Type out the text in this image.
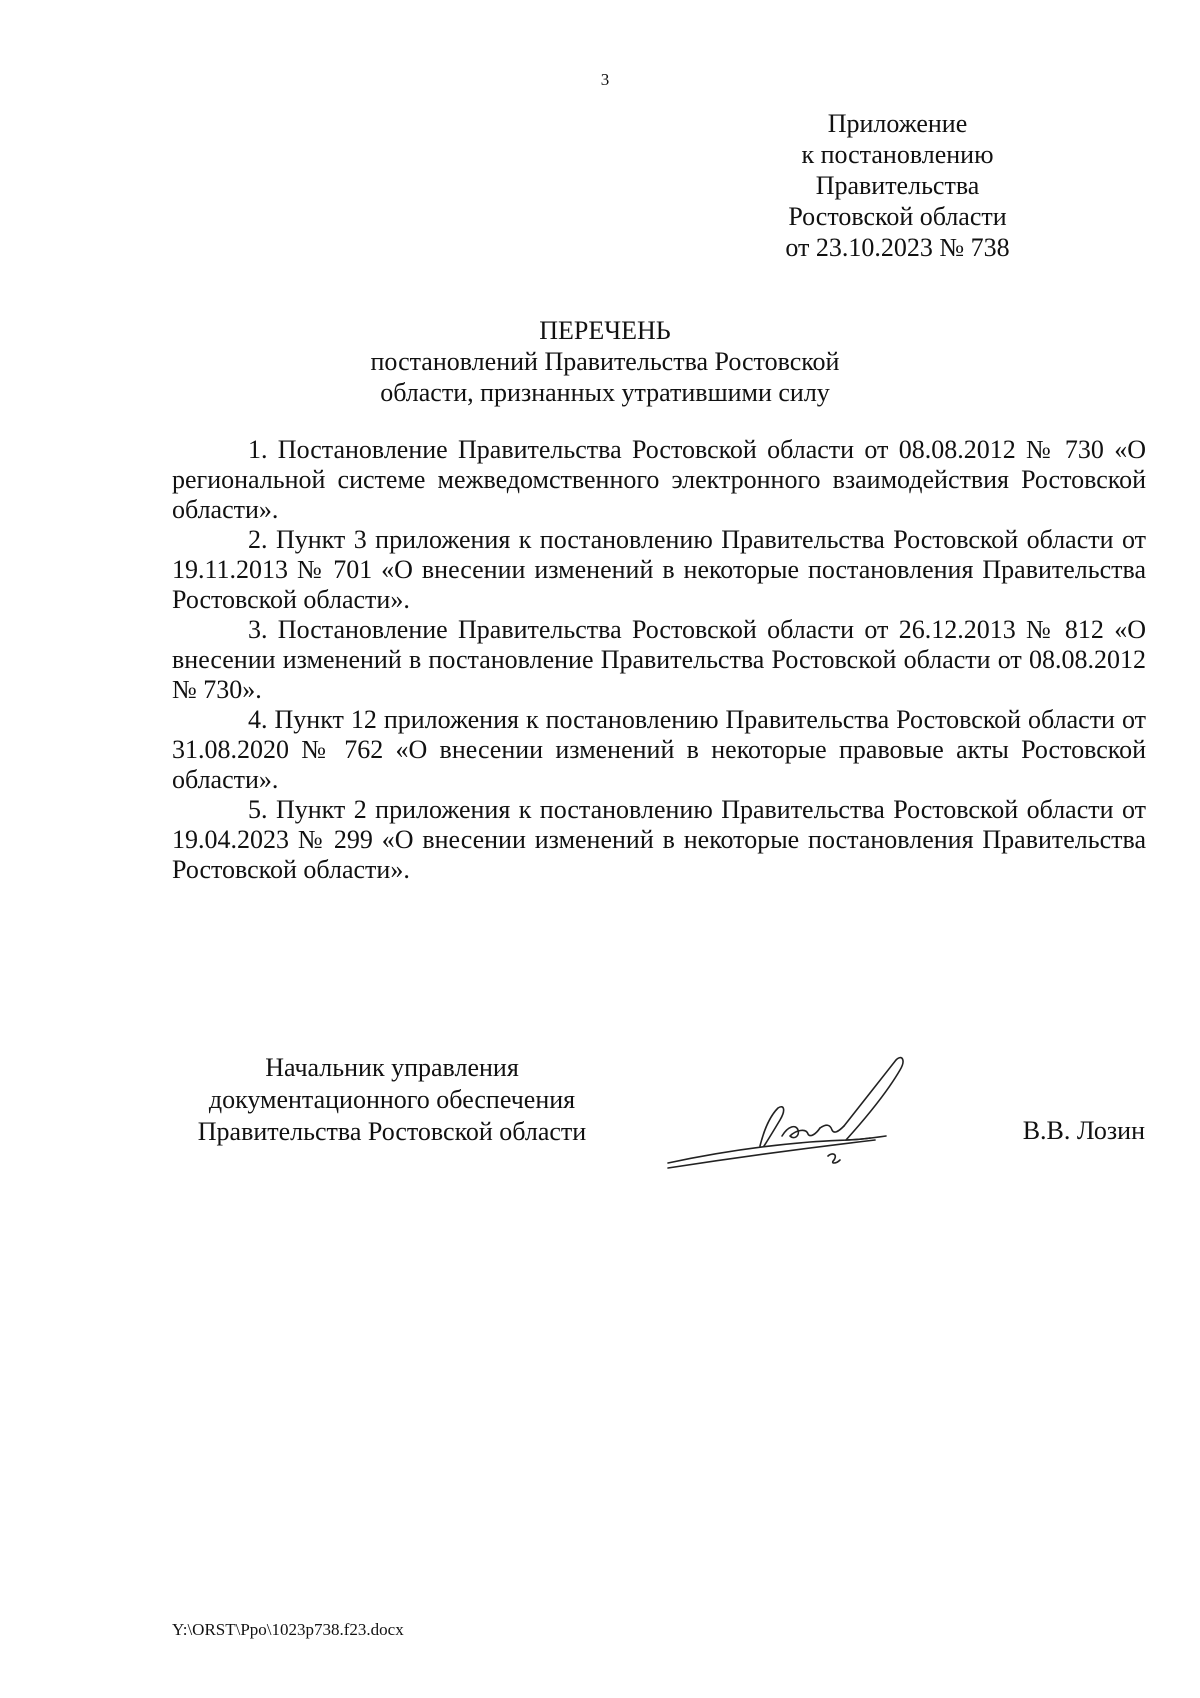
3
Приложение
к постановлению
Правительства
Ростовской области
от 23.10.2023 № 738
ПЕРЕЧЕНЬ
постановлений Правительства Ростовской
области, признанных утратившими силу

1. Постановление Правительства Ростовской области от 08.08.2012 № 730 «О региональной системе межведомственного электронного взаимодействия Ростовской области».

2. Пункт 3 приложения к постановлению Правительства Ростовской области от 19.11.2013 № 701 «О внесении изменений в некоторые постановления Правительства Ростовской области».

3. Постановление Правительства Ростовской области от 26.12.2013 № 812 «О внесении изменений в постановление Правительства Ростовской области от 08.08.2012 № 730».

4. Пункт 12 приложения к постановлению Правительства Ростовской области от 31.08.2020 № 762 «О внесении изменений в некоторые правовые акты Ростовской области».

5. Пункт 2 приложения к постановлению Правительства Ростовской области от 19.04.2023 № 299 «О внесении изменений в некоторые постановления Правительства Ростовской области».

Начальник управления
документационного обеспечения
Правительства Ростовской области	В.В. Лозин
Y:\ORST\Ppo\1023p738.f23.docx
